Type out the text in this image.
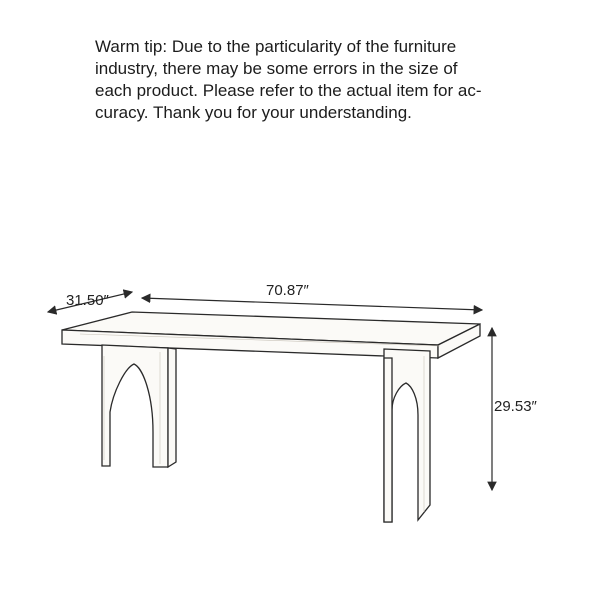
Warm tip: Due to the particularity of the furniture
industry, there may be some errors in the size of
each product. Please refer to the actual item for ac-
curacy. Thank you for your understanding.
31.50″
70.87″
29.53″
